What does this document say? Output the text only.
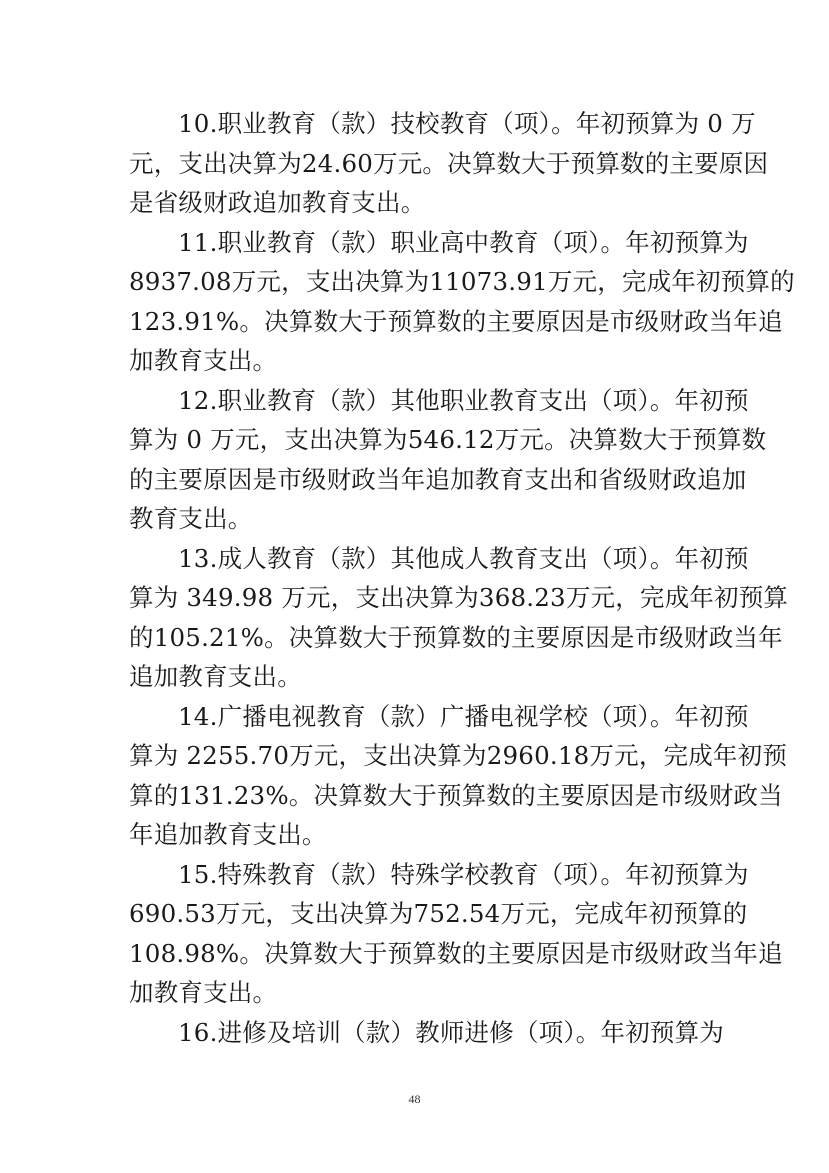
10.职业教育（款）技校教育（项）。年初预算为 0 万
元，支出决算为24.60万元。决算数大于预算数的主要原因
是省级财政追加教育支出。

11.职业教育（款）职业高中教育（项）。年初预算为
8937.08万元，支出决算为11073.91万元，完成年初预算的
123.91%。决算数大于预算数的主要原因是市级财政当年追
加教育支出。

12.职业教育（款）其他职业教育支出（项）。年初预
算为 0 万元，支出决算为546.12万元。决算数大于预算数
的主要原因是市级财政当年追加教育支出和省级财政追加
教育支出。

13.成人教育（款）其他成人教育支出（项）。年初预
算为 349.98 万元，支出决算为368.23万元，完成年初预算
的105.21%。决算数大于预算数的主要原因是市级财政当年
追加教育支出。

14.广播电视教育（款）广播电视学校（项）。年初预
算为 2255.70万元，支出决算为2960.18万元，完成年初预
算的131.23%。决算数大于预算数的主要原因是市级财政当
年追加教育支出。

15.特殊教育（款）特殊学校教育（项）。年初预算为
690.53万元，支出决算为752.54万元，完成年初预算的
108.98%。决算数大于预算数的主要原因是市级财政当年追
加教育支出。

16.进修及培训（款）教师进修（项）。年初预算为

48
